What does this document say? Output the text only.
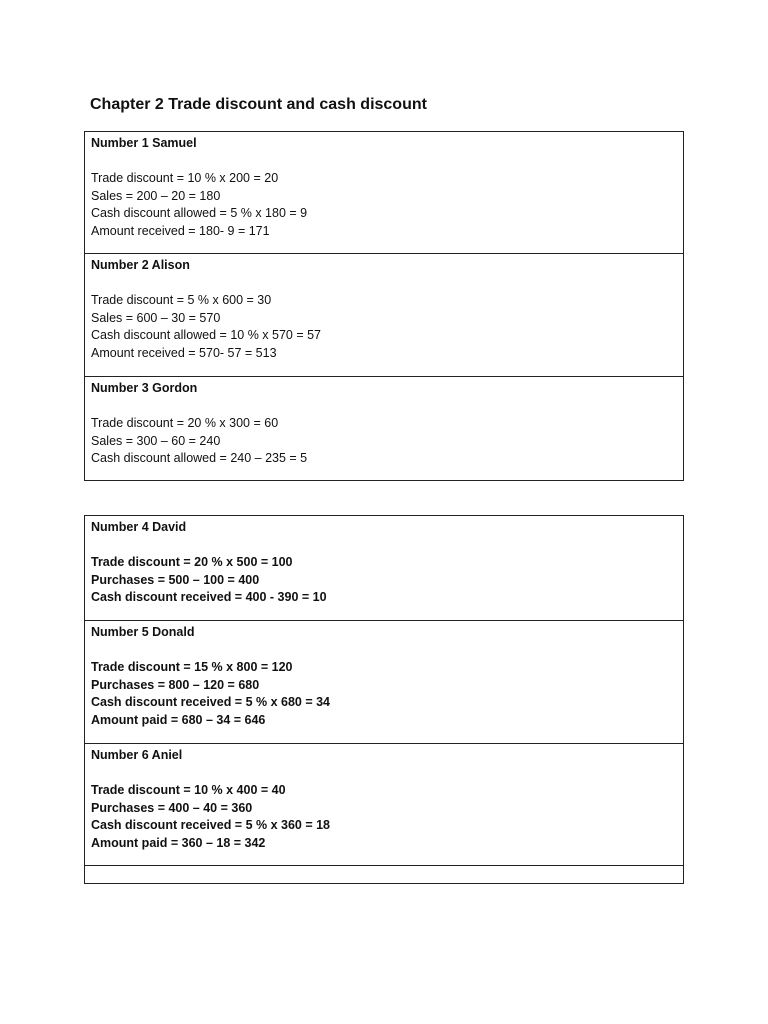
Chapter 2 Trade discount and cash discount
Number 1 Samuel
Trade discount = 10 % x 200 = 20
Sales = 200 – 20 = 180
Cash discount allowed = 5 % x 180 = 9
Amount received = 180- 9 = 171
Number 2 Alison
Trade discount = 5 % x 600 = 30
Sales = 600 – 30 = 570
Cash discount allowed = 10 % x 570 = 57
Amount received = 570- 57 = 513
Number 3 Gordon
Trade discount = 20 % x 300 = 60
Sales = 300 – 60 = 240
Cash discount allowed = 240 – 235 = 5
Number 4 David
Trade discount = 20 % x 500 = 100
Purchases = 500 – 100 = 400
Cash discount received = 400 - 390 = 10
Number 5 Donald
Trade discount = 15 % x 800 = 120
Purchases = 800 – 120 = 680
Cash discount received = 5 % x 680 = 34
Amount paid = 680 – 34 = 646
Number 6 Aniel
Trade discount = 10 % x 400 = 40
Purchases = 400 – 40 = 360
Cash discount received = 5 % x 360 = 18
Amount paid = 360 – 18 = 342
